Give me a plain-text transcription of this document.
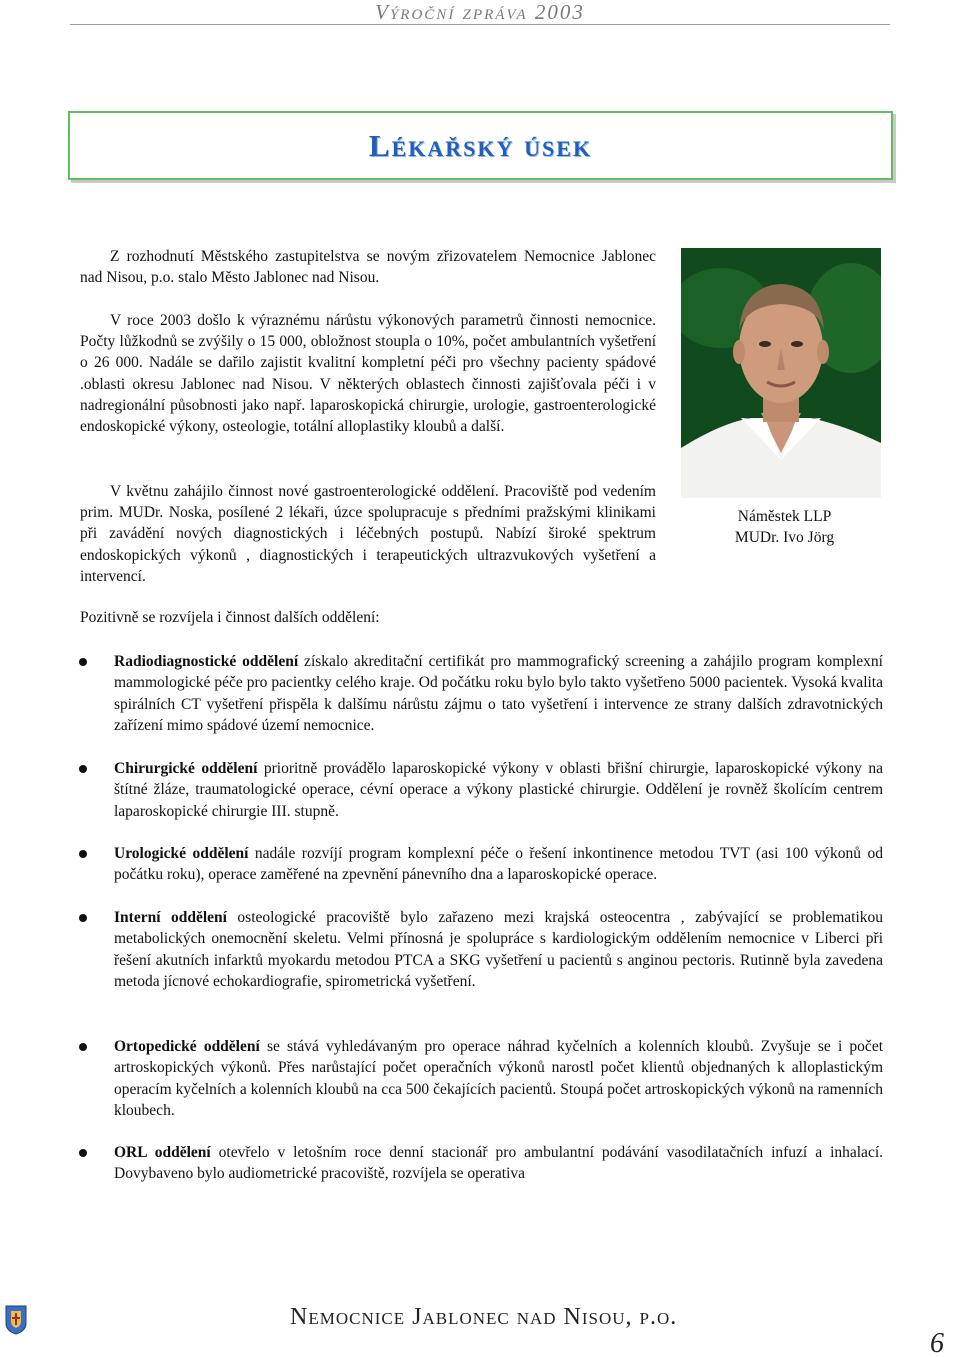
Výroční zpráva 2003
Lékařský úsek

Z rozhodnutí Městského zastupitelstva se novým zřizovatelem Nemocnice Jablonec nad Nisou, p.o. stalo Město Jablonec nad Nisou.

V roce 2003 došlo k výraznému nárůstu výkonových parametrů činnosti nemocnice. Počty lůžkodnů se zvýšily o 15 000, obložnost stoupla o 10%, počet ambulantních vyšetření o 26 000. Nadále se dařilo zajistit kvalitní kompletní péči pro všechny pacienty spádové .oblasti okresu Jablonec nad Nisou. V některých oblastech činnosti zajišťovala péči i v nadregionální působnosti jako např. laparoskopická chirurgie, urologie, gastroenterologické endoskopické výkony, osteologie, totální alloplastiky kloubů a další.

V květnu zahájilo činnost nové gastroenterologické oddělení. Pracoviště pod vedením prim. MUDr. Noska, posílené 2 lékaři, úzce spolupracuje s předními pražskými klinikami při zavádění nových diagnostických i léčebných postupů. Nabízí široké spektrum endoskopických výkonů , diagnostických i terapeutických ultrazvukových vyšetření a intervencí.

Náměstek LLP
MUDr. Ivo Jörg

Pozitivně se rozvíjela i činnost dalších oddělení:

Radiodiagnostické oddělení získalo akreditační certifikát pro mammografický screening a zahájilo program komplexní mammologické péče pro pacientky celého kraje. Od počátku roku bylo bylo takto vyšetřeno 5000 pacientek. Vysoká kvalita spirálních CT vyšetření přispěla k dalšímu nárůstu zájmu o tato vyšetření i intervence ze strany dalších zdravotnických zařízení mimo spádové území nemocnice.

Chirurgické oddělení prioritně provádělo laparoskopické výkony v oblasti břišní chirurgie, laparoskopické výkony na štítné žláze, traumatologické operace, cévní operace a výkony plastické chirurgie. Oddělení je rovněž školícím centrem laparoskopické chirurgie III. stupně.

Urologické oddělení nadále rozvíjí program komplexní péče o řešení inkontinence metodou TVT (asi 100 výkonů od počátku roku), operace zaměřené na zpevnění pánevního dna a laparoskopické operace.

Interní oddělení osteologické pracoviště bylo zařazeno mezi krajská osteocentra , zabývající se problematikou metabolických onemocnění skeletu. Velmi přínosná je spolupráce s kardiologickým oddělením nemocnice v Liberci při řešení akutních infarktů myokardu metodou PTCA a SKG vyšetření u pacientů s anginou pectoris. Rutinně byla zavedena metoda jícnové echokardiografie, spirometrická vyšetření.

Ortopedické oddělení se stává vyhledávaným pro operace náhrad kyčelních a kolenních kloubů. Zvyšuje se i počet artroskopických výkonů. Přes narůstající počet operačních výkonů narostl počet klientů objednaných k alloplastickým operacím kyčelních a kolenních kloubů na cca 500 čekajících pacientů. Stoupá počet artroskopických výkonů na ramenních kloubech.

ORL oddělení otevřelo v letošním roce denní stacionář pro ambulantní podávání vasodilatačních infuzí a inhalací. Dovybaveno bylo audiometrické pracoviště, rozvíjela se operativa

Nemocnice Jablonec nad Nisou, p.o.
6
